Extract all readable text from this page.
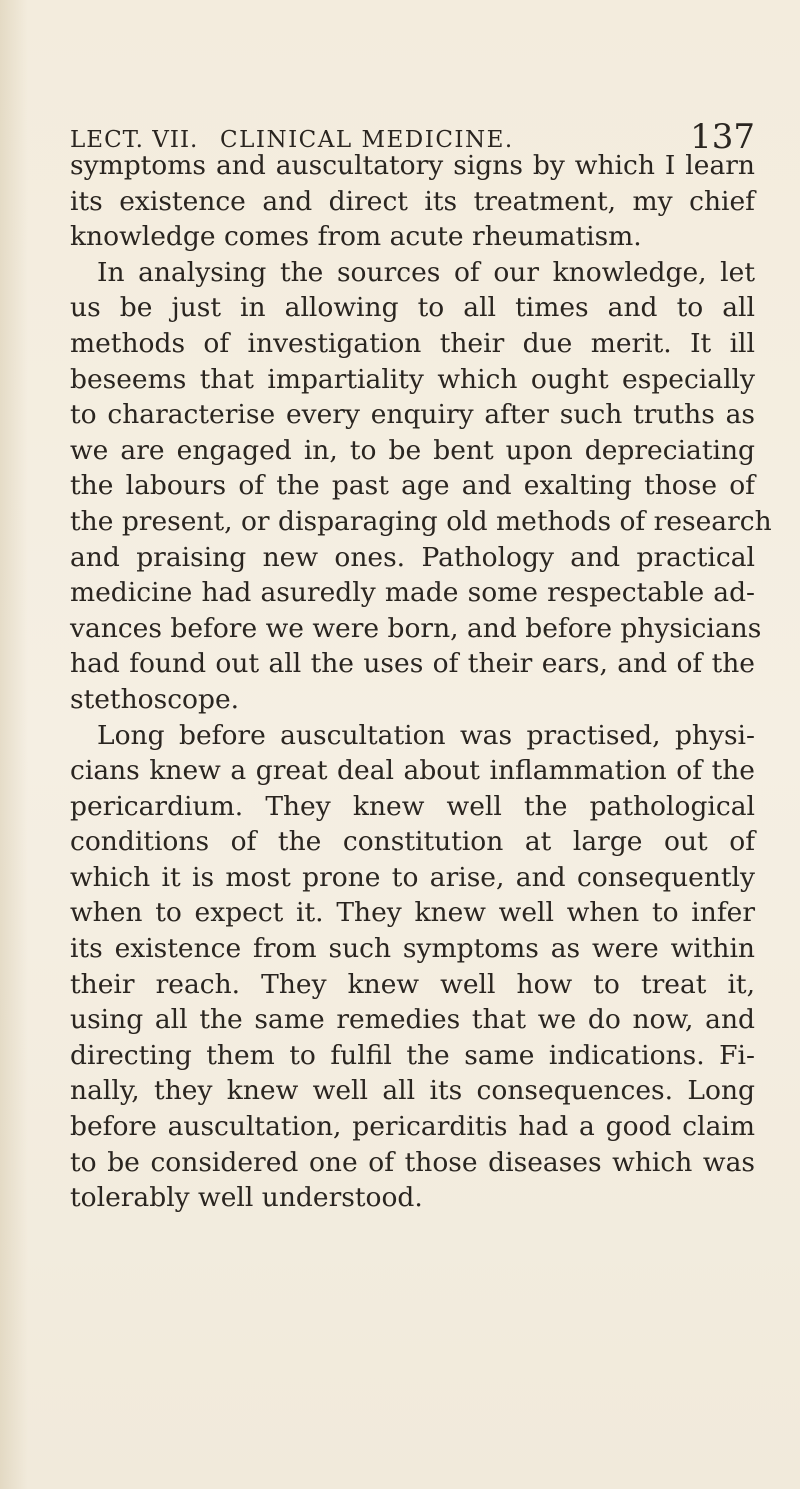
LECT. VII. CLINICAL MEDICINE.	137
symptoms and auscultatory signs by which I learn
its existence and direct its treatment, my chief
knowledge comes from acute rheumatism.
In analysing the sources of our knowledge, let
us be just in allowing to all times and to all
methods of investigation their due merit. It ill
beseems that impartiality which ought especially
to characterise every enquiry after such truths as
we are engaged in, to be bent upon depreciating
the labours of the past age and exalting those of
the present, or disparaging old methods of research
and praising new ones. Pathology and practical
medicine had asuredly made some respectable ad-
vances before we were born, and before physicians
had found out all the uses of their ears, and of the
stethoscope.
Long before auscultation was practised, physi-
cians knew a great deal about inflammation of the
pericardium. They knew well the pathological
conditions of the constitution at large out of
which it is most prone to arise, and consequently
when to expect it. They knew well when to infer
its existence from such symptoms as were within
their reach. They knew well how to treat it,
using all the same remedies that we do now, and
directing them to fulfil the same indications. Fi-
nally, they knew well all its consequences. Long
before auscultation, pericarditis had a good claim
to be considered one of those diseases which was
tolerably well understood.
